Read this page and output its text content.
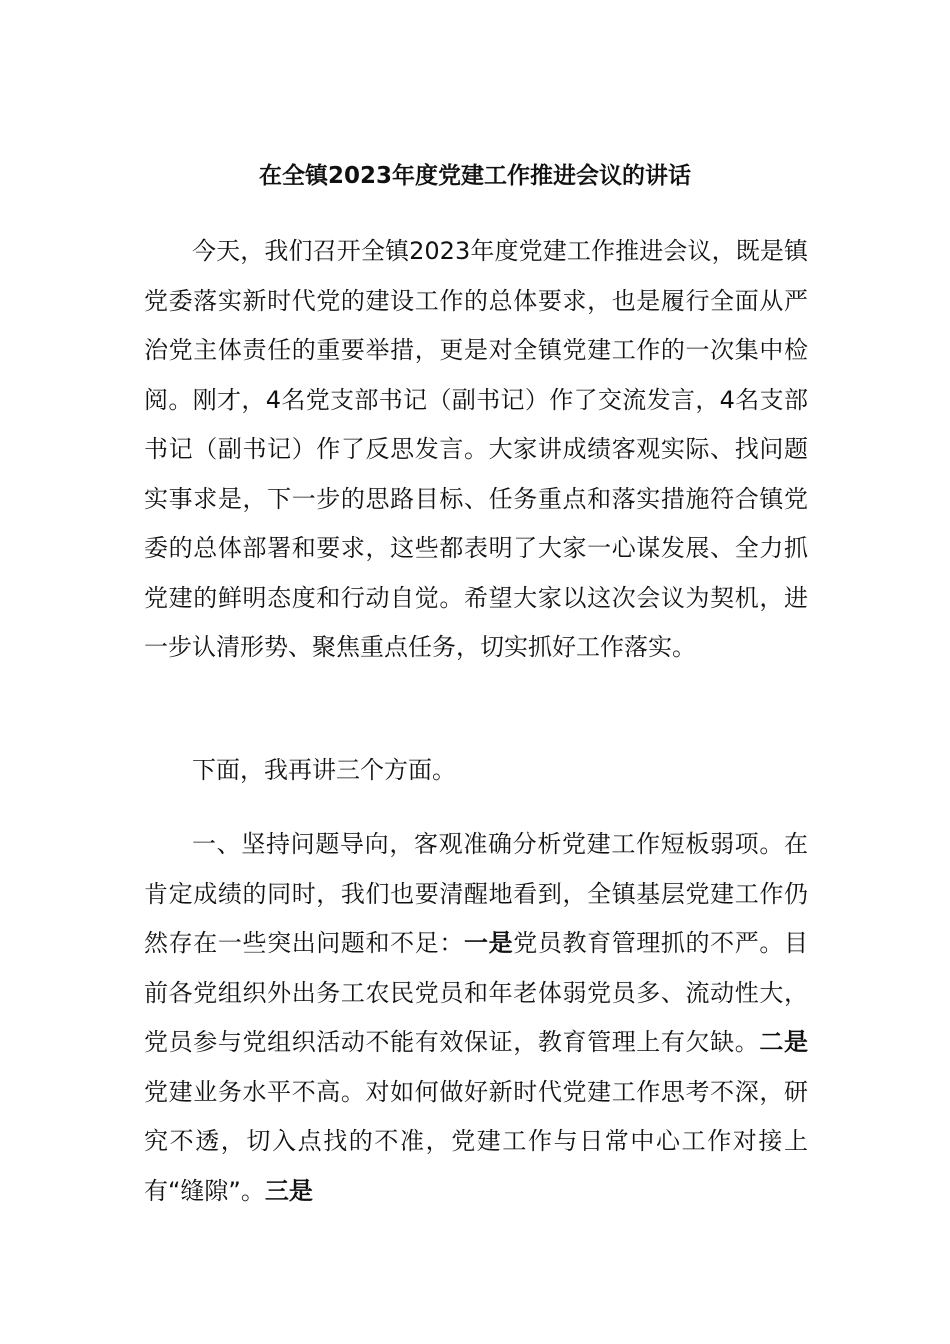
在全镇2023年度党建工作推进会议的讲话

今天，我们召开全镇2023年度党建工作推进会议，既是镇党委落实新时代党的建设工作的总体要求，也是履行全面从严治党主体责任的重要举措，更是对全镇党建工作的一次集中检阅。刚才，4名党支部书记（副书记）作了交流发言，4名支部书记（副书记）作了反思发言。大家讲成绩客观实际、找问题实事求是，下一步的思路目标、任务重点和落实措施符合镇党委的总体部署和要求，这些都表明了大家一心谋发展、全力抓党建的鲜明态度和行动自觉。希望大家以这次会议为契机，进一步认清形势、聚焦重点任务，切实抓好工作落实。

下面，我再讲三个方面。

一、坚持问题导向，客观准确分析党建工作短板弱项。在肯定成绩的同时，我们也要清醒地看到，全镇基层党建工作仍然存在一些突出问题和不足：一是党员教育管理抓的不严。目前各党组织外出务工农民党员和年老体弱党员多、流动性大，党员参与党组织活动不能有效保证，教育管理上有欠缺。二是党建业务水平不高。对如何做好新时代党建工作思考不深，研究不透，切入点找的不准，党建工作与日常中心工作对接上有“缝隙”。三是
